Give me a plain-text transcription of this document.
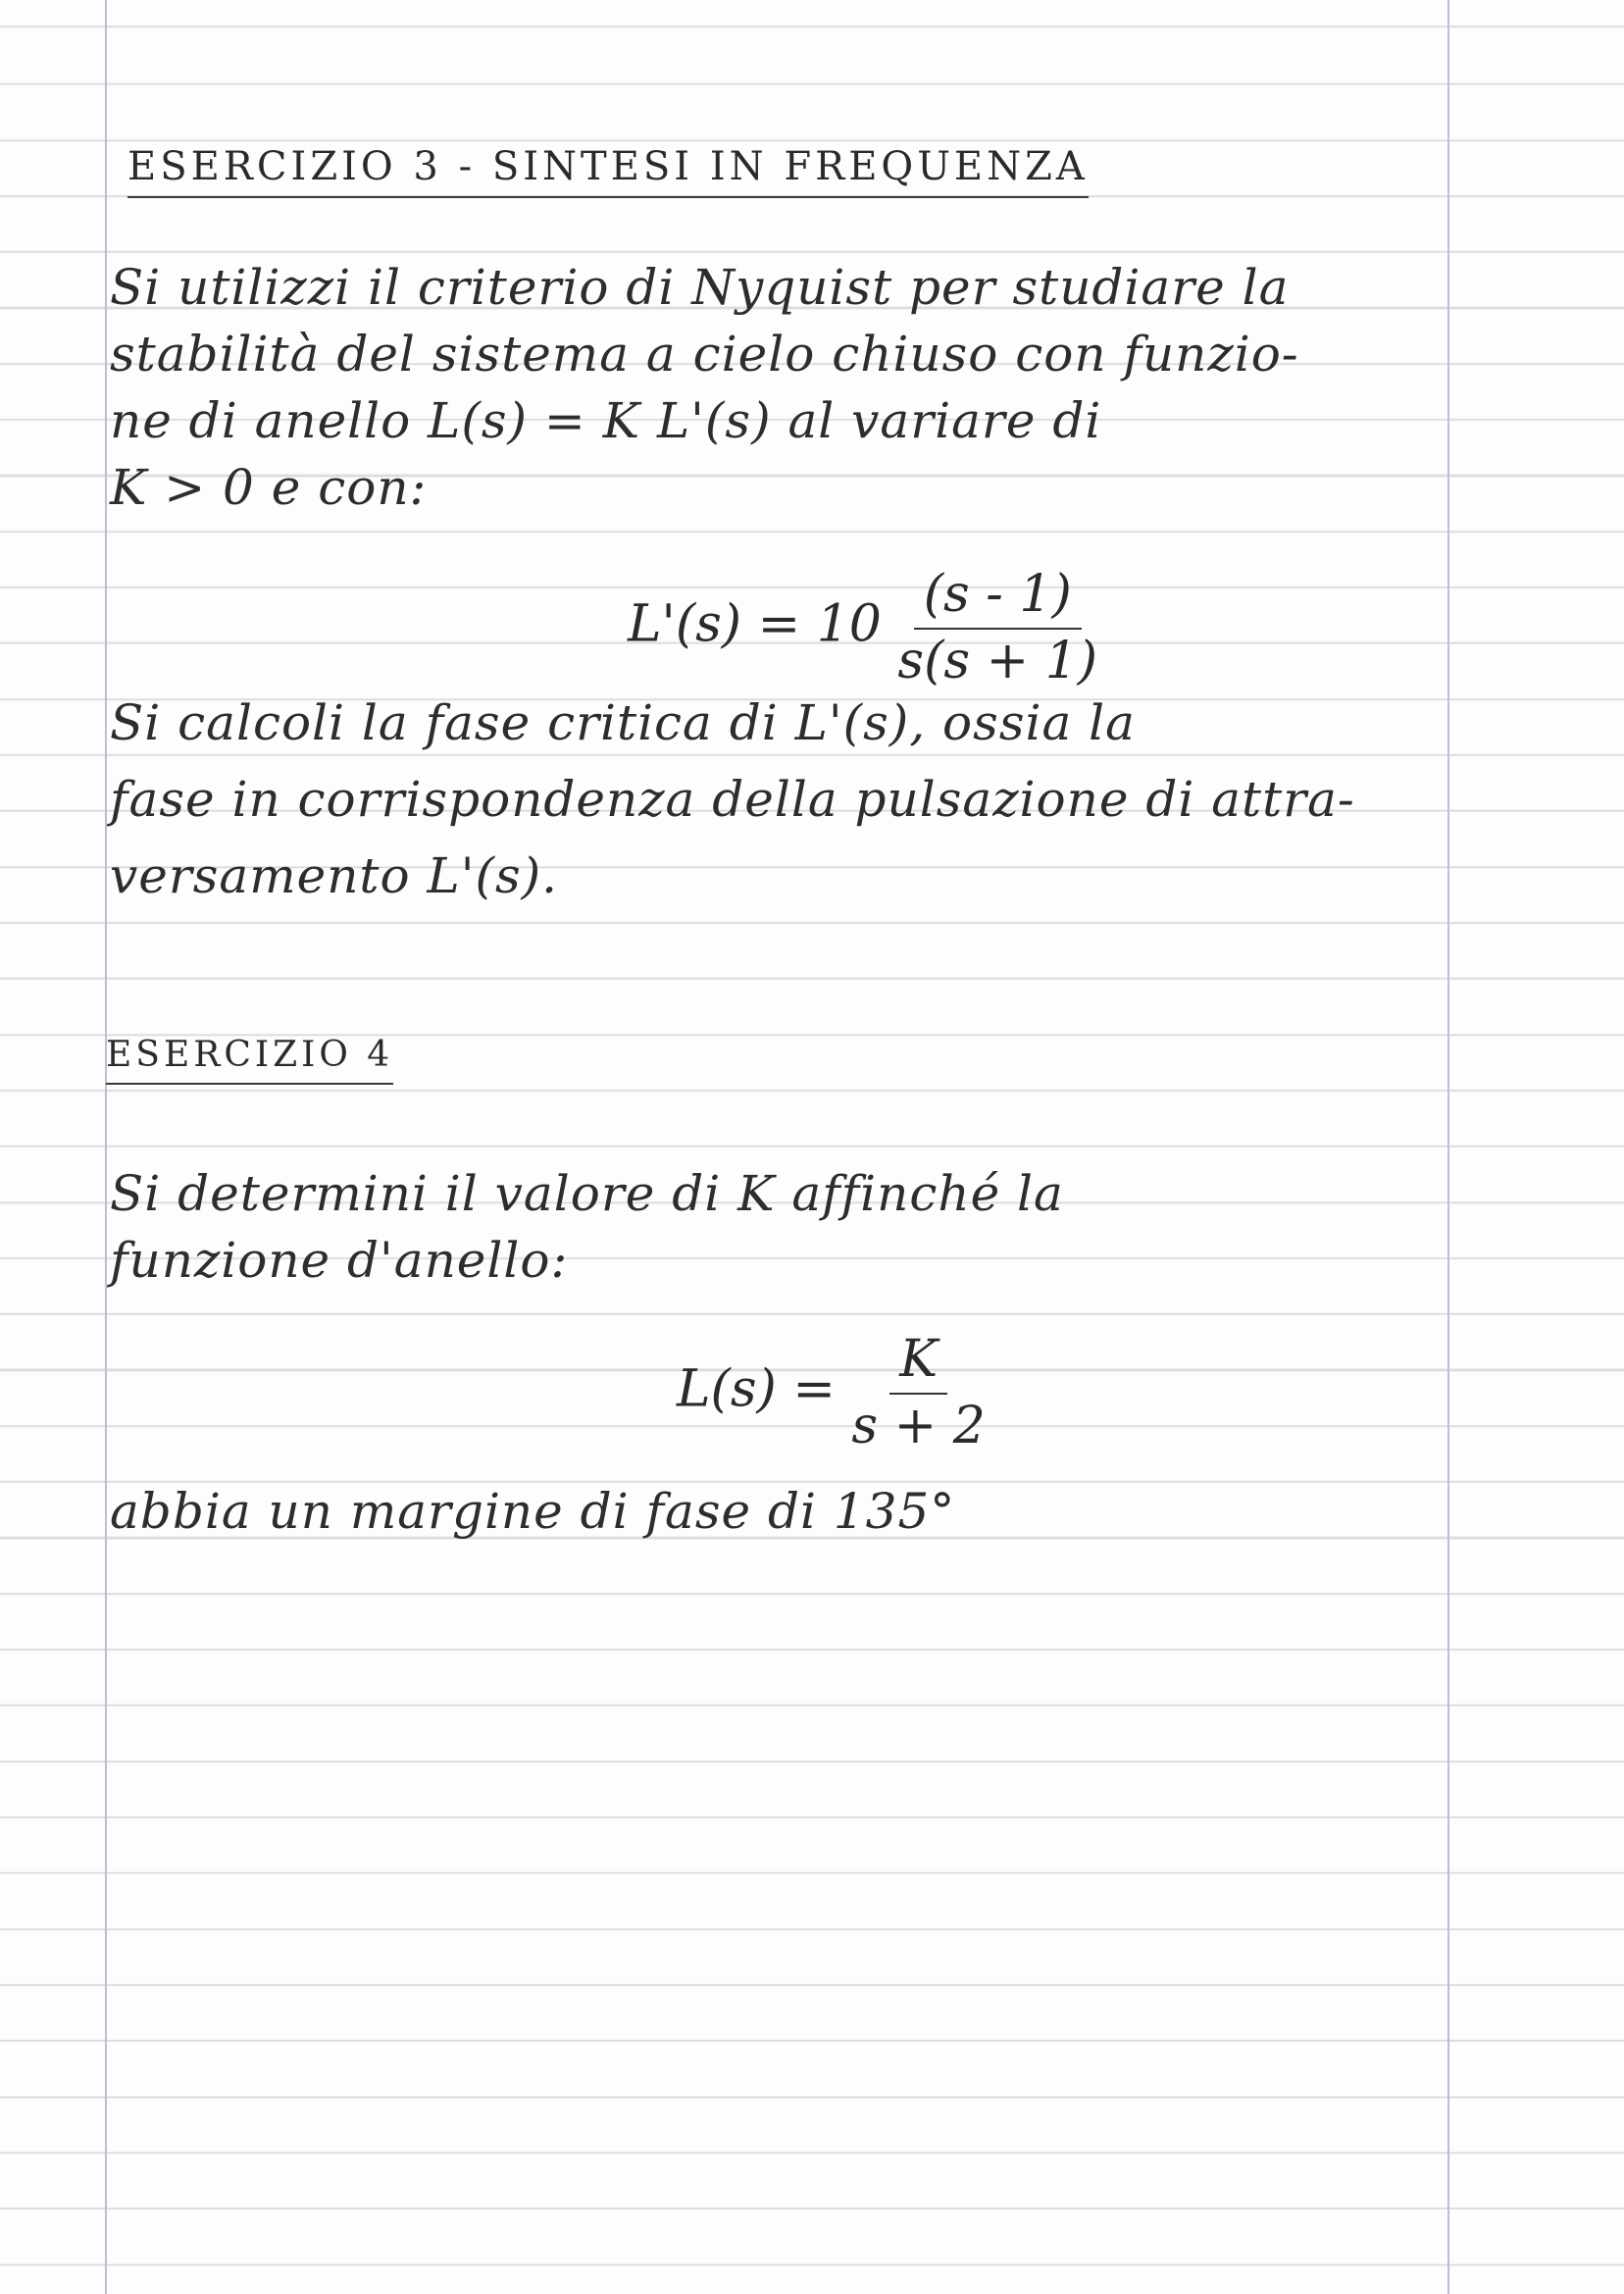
ESERCIZIO 3 - SINTESI IN FREQUENZA
Si utilizzi il criterio di Nyquist per studiare la
stabilità del sistema a cielo chiuso con funzio-
ne di anello L(s) = K L'(s) al variare di
K > 0 e con:
$L'(s) = 10 \frac{(s - 1)}{s(s + 1)}$
Si calcoli la fase critica di L'(s), ossia la
fase in corrispondenza della pulsazione di attra-
versamento L'(s).
ESERCIZIO 4
Si determini il valore di K affinché la
funzione d'anello:
$L(s) = \frac{K}{s + 2}$
abbia un margine di fase di 135°
